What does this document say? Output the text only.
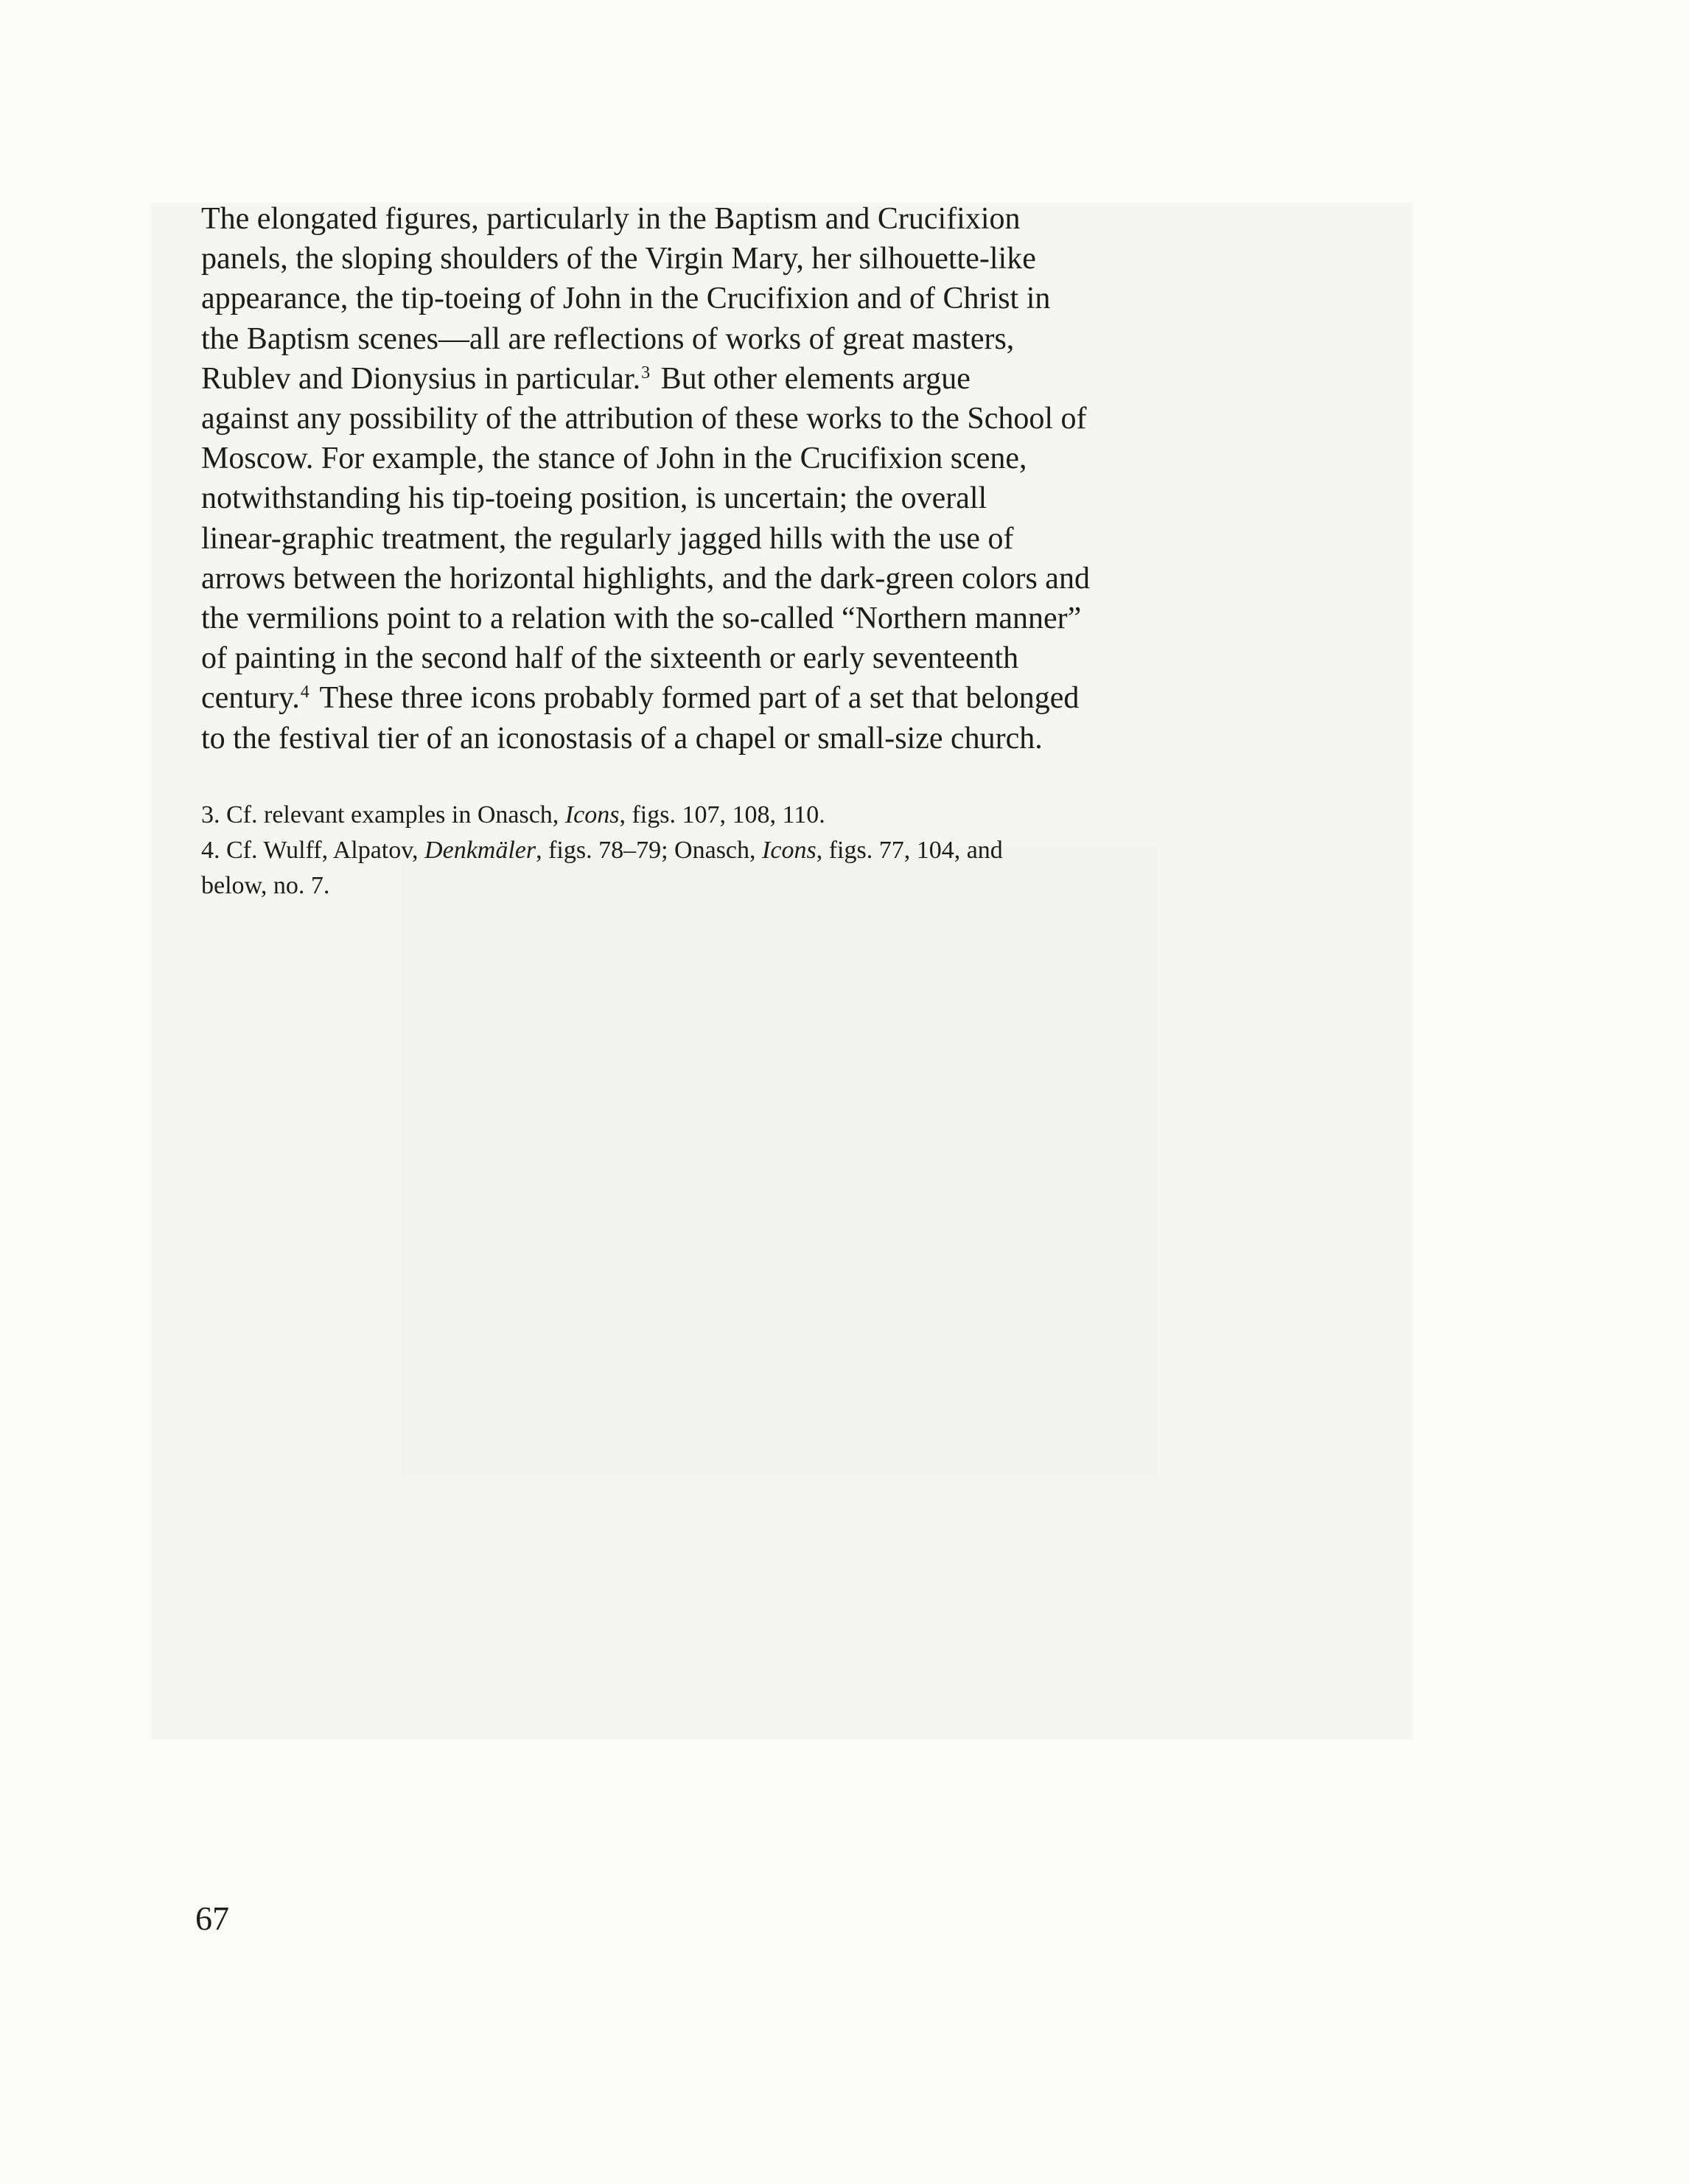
The elongated figures, particularly in the Baptism and Crucifixion
panels, the sloping shoulders of the Virgin Mary, her silhouette-like
appearance, the tip-toeing of John in the Crucifixion and of Christ in
the Baptism scenes—all are reflections of works of great masters,
Rublev and Dionysius in particular.$^3$ But other elements argue
against any possibility of the attribution of these works to the School of
Moscow. For example, the stance of John in the Crucifixion scene,
notwithstanding his tip-toeing position, is uncertain; the overall
linear-graphic treatment, the regularly jagged hills with the use of
arrows between the horizontal highlights, and the dark-green colors and
the vermilions point to a relation with the so-called “Northern manner”
of painting in the second half of the sixteenth or early seventeenth
century.$^4$ These three icons probably formed part of a set that belonged
to the festival tier of an iconostasis of a chapel or small-size church.
3. Cf. relevant examples in Onasch, Icons, figs. 107, 108, 110.
4. Cf. Wulff, Alpatov, Denkmäler, figs. 78–79; Onasch, Icons, figs. 77, 104, and
below, no. 7.
67
